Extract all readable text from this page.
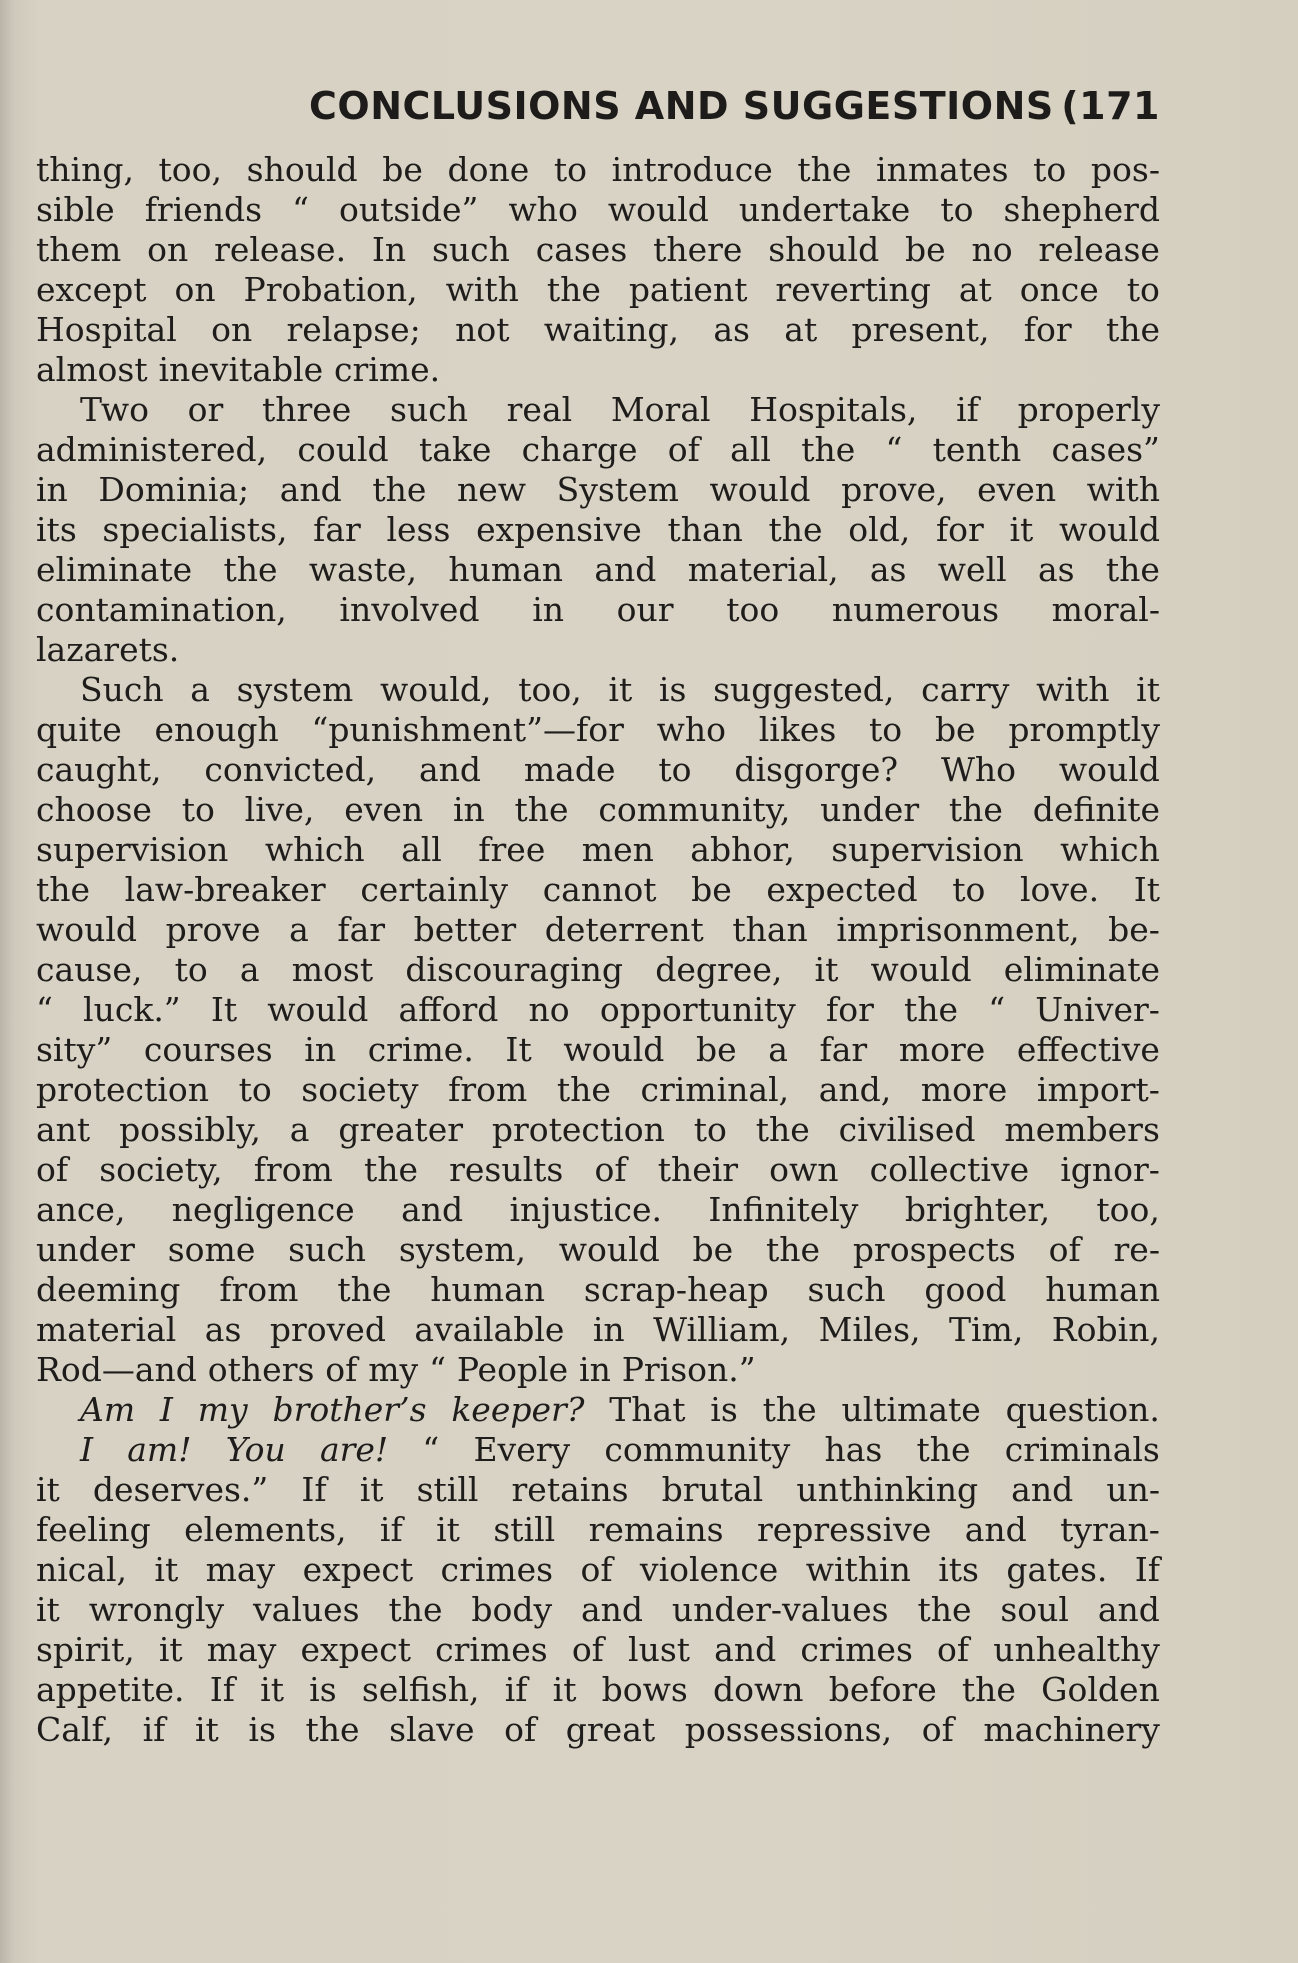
CONCLUSIONS AND SUGGESTIONS (171
thing, too, should be done to introduce the inmates to pos-
sible friends “ outside” who would undertake to shepherd
them on release. In such cases there should be no release
except on Probation, with the patient reverting at once to
Hospital on relapse; not waiting, as at present, for the
almost inevitable crime.
Two or three such real Moral Hospitals, if properly
administered, could take charge of all the “ tenth cases”
in Dominia; and the new System would prove, even with
its specialists, far less expensive than the old, for it would
eliminate the waste, human and material, as well as the
contamination, involved in our too numerous moral-
lazarets.
Such a system would, too, it is suggested, carry with it
quite enough “punishment”—for who likes to be promptly
caught, convicted, and made to disgorge? Who would
choose to live, even in the community, under the definite
supervision which all free men abhor, supervision which
the law-breaker certainly cannot be expected to love. It
would prove a far better deterrent than imprisonment, be-
cause, to a most discouraging degree, it would eliminate
“ luck.” It would afford no opportunity for the “ Univer-
sity” courses in crime. It would be a far more effective
protection to society from the criminal, and, more import-
ant possibly, a greater protection to the civilised members
of society, from the results of their own collective ignor-
ance, negligence and injustice. Infinitely brighter, too,
under some such system, would be the prospects of re-
deeming from the human scrap-heap such good human
material as proved available in William, Miles, Tim, Robin,
Rod—and others of my “ People in Prison.”
Am I my brother’s keeper? That is the ultimate question.
I am! You are! “ Every community has the criminals
it deserves.” If it still retains brutal unthinking and un-
feeling elements, if it still remains repressive and tyran-
nical, it may expect crimes of violence within its gates. If
it wrongly values the body and under-values the soul and
spirit, it may expect crimes of lust and crimes of unhealthy
appetite. If it is selfish, if it bows down before the Golden
Calf, if it is the slave of great possessions, of machinery
